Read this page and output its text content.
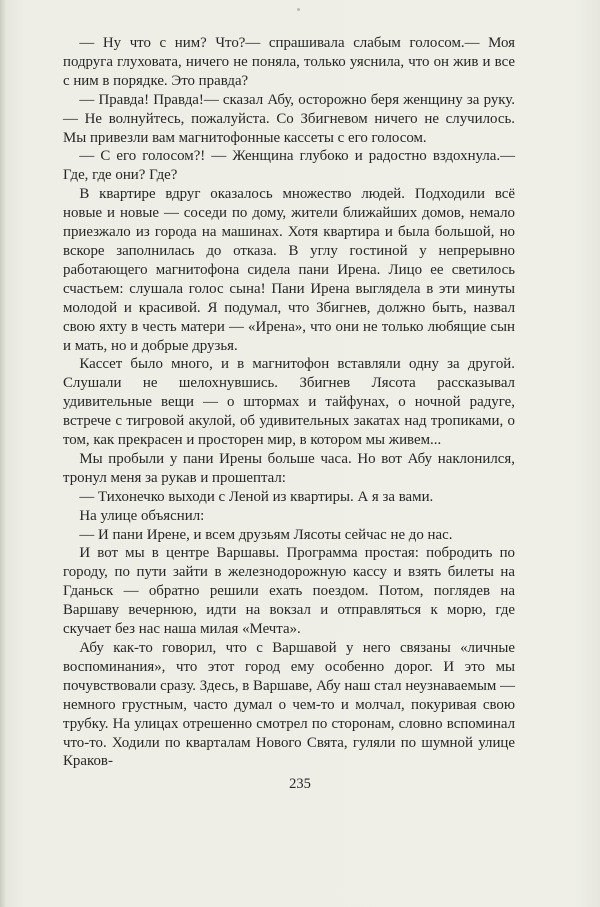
— Ну что с ним? Что?— спрашивала слабым голосом.— Моя подруга глуховата, ничего не поняла, только уяснила, что он жив и все с ним в порядке. Это правда?

— Правда! Правда!— сказал Абу, осторожно беря женщину за руку.— Не волнуйтесь, пожалуйста. Со Збигневом ничего не случилось. Мы привезли вам магнитофонные кассеты с его голосом.

— С его голосом?! — Женщина глубоко и радостно вздохнула.— Где, где они? Где?

В квартире вдруг оказалось множество людей. Подходили всё новые и новые — соседи по дому, жители ближайших домов, немало приезжало из города на машинах. Хотя квартира и была большой, но вскоре заполнилась до отказа. В углу гостиной у непрерывно работающего магнитофона сидела пани Ирена. Лицо ее светилось счастьем: слушала голос сына! Пани Ирена выглядела в эти минуты молодой и красивой. Я подумал, что Збигнев, должно быть, назвал свою яхту в честь матери — «Ирена», что они не только любящие сын и мать, но и добрые друзья.

Кассет было много, и в магнитофон вставляли одну за другой. Слушали не шелохнувшись. Збигнев Лясота рассказывал удивительные вещи — о штормах и тайфунах, о ночной радуге, встрече с тигровой акулой, об удивительных закатах над тропиками, о том, как прекрасен и просторен мир, в котором мы живем...

Мы пробыли у пани Ирены больше часа. Но вот Абу наклонился, тронул меня за рукав и прошептал:

— Тихонечко выходи с Леной из квартиры. А я за вами.

На улице объяснил:

— И пани Ирене, и всем друзьям Лясоты сейчас не до нас.

И вот мы в центре Варшавы. Программа простая: побродить по городу, по пути зайти в железнодорожную кассу и взять билеты на Гданьск — обратно решили ехать поездом. Потом, поглядев на Варшаву вечернюю, идти на вокзал и отправляться к морю, где скучает без нас наша милая «Мечта».

Абу как-то говорил, что с Варшавой у него связаны «личные воспоминания», что этот город ему особенно дорог. И это мы почувствовали сразу. Здесь, в Варшаве, Абу наш стал неузнаваемым — немного грустным, часто думал о чем-то и молчал, покуривая свою трубку. На улицах отрешенно смотрел по сторонам, словно вспоминал что-то. Ходили по кварталам Нового Свята, гуляли по шумной улице Краков-

235
